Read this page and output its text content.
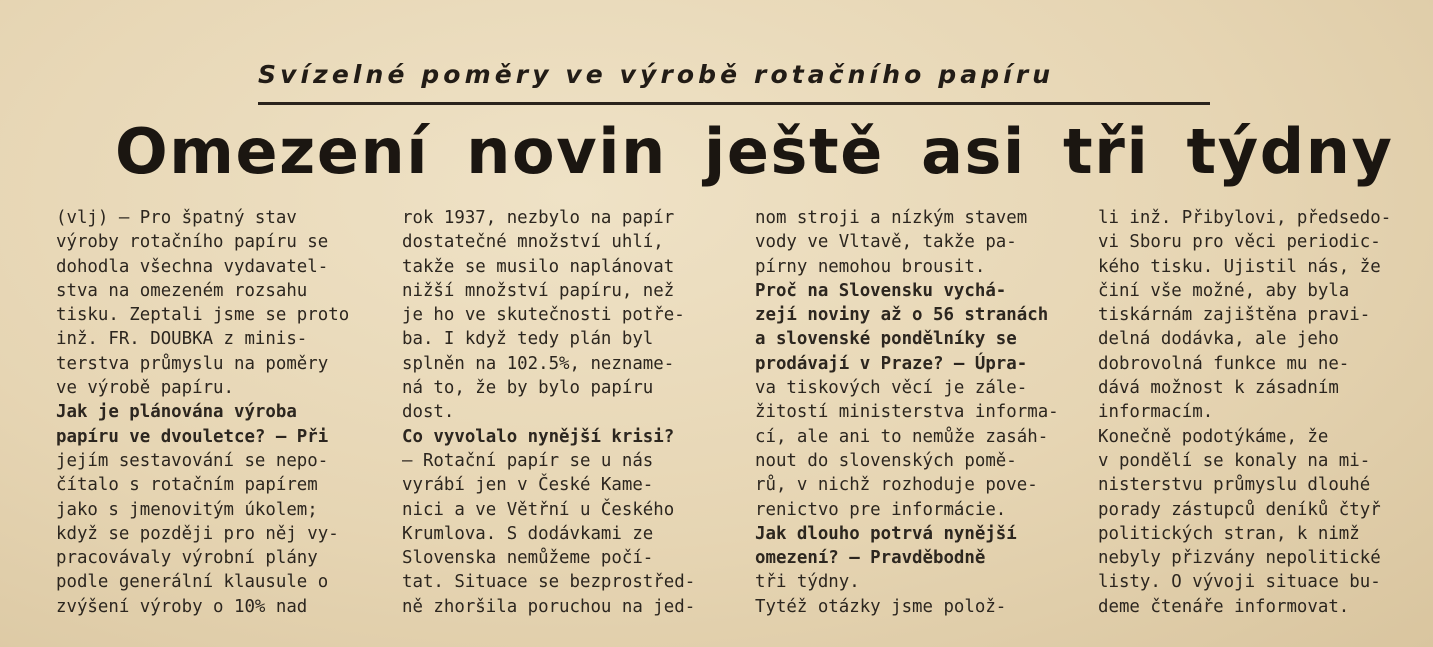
Svízelné poměry ve výrobě rotačního papíru
Omezení novin ještě asi tři týdny

(vlj) — Pro špatný stav

výroby rotačního papíru se

dohodla všechna vydavatel-

stva na omezeném rozsahu

tisku. Zeptali jsme se proto

inž. FR. DOUBKA z minis-

terstva průmyslu na poměry

ve výrobě papíru.

Jak je plánována výroba

papíru ve dvouletce? — Při

jejím sestavování se nepo-

čítalo s rotačním papírem

jako s jmenovitým úkolem;

když se později pro něj vy-

pracovávaly výrobní plány

podle generální klausule o

zvýšení výroby o 10% nad

rok 1937, nezbylo na papír

dostatečné množství uhlí,

takže se musilo naplánovat

nižší množství papíru, než

je ho ve skutečnosti potře-

ba. I když tedy plán byl

splněn na 102.5%, neznamе-

ná to, že by bylo papíru

dost.

Co vyvolalo nynější krisi?

— Rotační papír se u nás

vyrábí jen v České Kame-

nici a ve Větřní u Českého

Krumlova. S dodávkami ze

Slovenska nemůžeme počí-

tat. Situace se bezprostřed-

ně zhoršila poruchou na jed-

nom stroji a nízkým stavem

vody ve Vltavě, takže pa-

pírny nemohou brousit.

Proč na Slovensku vychá-

zejí noviny až o 56 stranách

a slovenské pondělníky se

prodávají v Praze? — Úpra-

va tiskových věcí je zále-

žitostí ministerstva informa-

cí, ale ani to nemůže zasáh-

nout do slovenských pomě-

rů, v nichž rozhoduje pove-

renictvo pre informácie.

Jak dlouho potrvá nynější

omezení? — Pravděbodně

tři týdny.

Tytéž otázky jsme polož-

li inž. Přibylovi, předsedo-

vi Sboru pro věci periodic-

kého tisku. Ujistil nás, že

činí vše možné, aby byla

tiskárnám zajištěna pravi-

delná dodávka, ale jeho

dobrovolná funkce mu ne-

dává možnost k zásadním

informacím.

Konečně podotýkáme, že

v pondělí se konaly na mi-

nisterstvu průmyslu dlouhé

porady zástupců deníků čtyř

politických stran, k nimž

nebyly přizvány nepolitické

listy. O vývoji situace bu-

deme čtenáře informovat.
